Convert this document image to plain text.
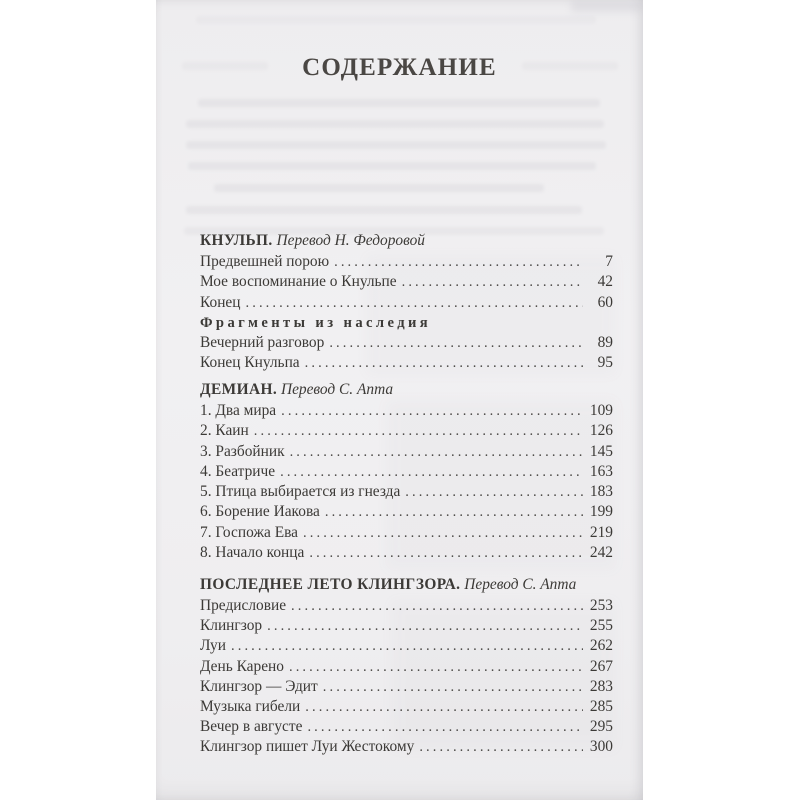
СОДЕРЖАНИЕ
КНУЛЬП. Перевод Н. Федоровой
Предвешней порою .....	7
Мое воспоминание о Кнульпе .....	42
Конец .....	60
Фрагменты из наследия
Вечерний разговор .....	89
Конец Кнульпа .....	95
ДЕМИАН. Перевод С. Апта
1. Два мира .....	109
2. Каин .....	126
3. Разбойник .....	145
4. Беатриче .....	163
5. Птица выбирается из гнезда .....	183
6. Борение Иакова .....	199
7. Госпожа Ева .....	219
8. Начало конца .....	242
ПОСЛЕДНЕЕ ЛЕТО КЛИНГЗОРА. Перевод С. Апта
Предисловие .....	253
Клингзор .....	255
Луи .....	262
День Карено .....	267
Клингзор — Эдит .....	283
Музыка гибели .....	285
Вечер в августе .....	295
Клингзор пишет Луи Жестокому .....	300
